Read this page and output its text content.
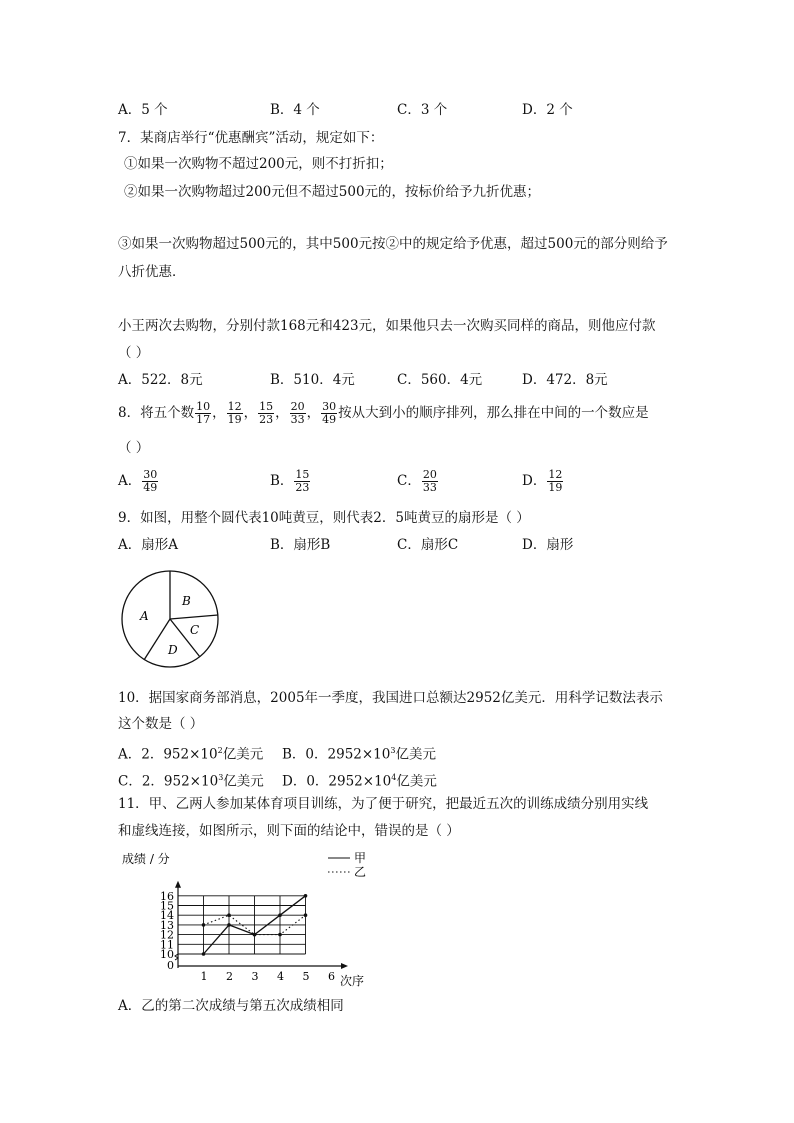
A．5 个	B．4 个	C．3 个	D．2 个
7．某商店举行“优惠酬宾”活动，规定如下：
①如果一次购物不超过200元，则不打折扣；
②如果一次购物超过200元但不超过500元的，按标价给予九折优惠；
③如果一次购物超过500元的，其中500元按②中的规定给予优惠，超过500元的部分则给予
八折优惠．
小王两次去购物，分别付款168元和423元，如果他只去一次购买同样的商品，则他应付款
（ ）
A．522．8元	B．510．4元	C．560．4元	D．472．8元
8．将五个数 $\frac{10}{17}$ ， $\frac{12}{19}$ ， $\frac{15}{23}$ ， $\frac{20}{33}$ ， $\frac{30}{49}$ 按从大到小的顺序排列，那么排在中间的一个数应是
（ ）
A． $\frac{30}{49}$	B． $\frac{15}{23}$	C． $\frac{20}{33}$	D． $\frac{12}{19}$
9．如图，用整个圆代表10吨黄豆，则代表2．5吨黄豆的扇形是（ ）
A．扇形A	B．扇形B	C．扇形C	D．扇形
A
B
C
D
10．据国家商务部消息，2005年一季度，我国进口总额达2952亿美元．用科学记数法表示
这个数是（ ）
A．2．$952\times 10^2$亿美元 B．0．$2952\times 10^3$亿美元
C．2．$952\times 10^3$亿美元 D．0．$2952\times 10^4$亿美元
11．甲、乙两人参加某体育项目训练，为了便于研究，把最近五次的训练成绩分别用实线
和虚线连接，如图所示，则下面的结论中，错误的是（ ）
成绩 / 分
次序
甲
乙
0
10
11
12
13
14
15
16
1 2 3 4 5 6
A．乙的第二次成绩与第五次成绩相同
